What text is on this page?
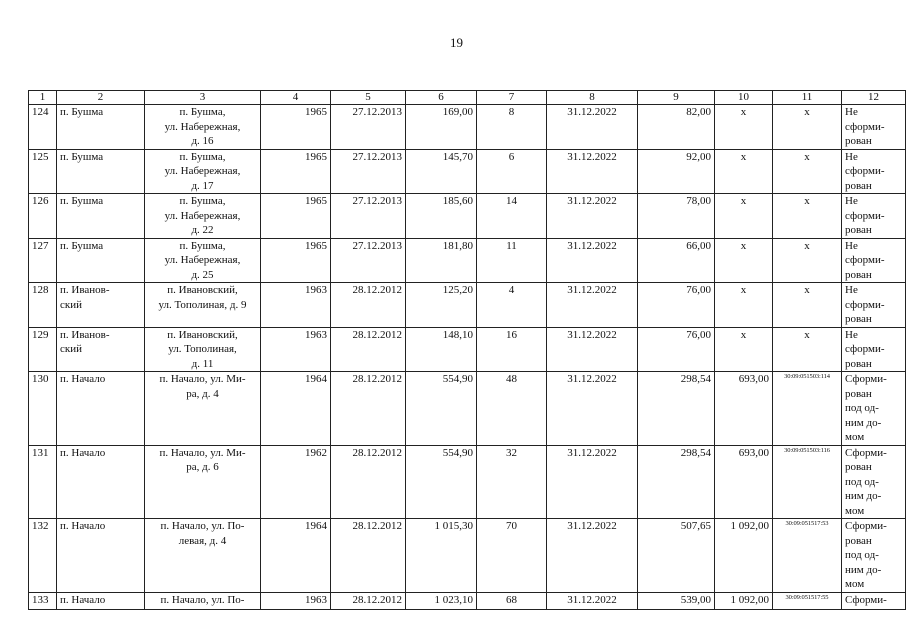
19
1	2	3	4	5	6	7	8	9	10	11	12
124	п. Бушма	п. Бушма,
ул. Набережная,
д. 16	1965	27.12.2013	169,00	8	31.12.2022	82,00	х	х	Не
сформи-
рован

125	п. Бушма	п. Бушма,
ул. Набережная,
д. 17	1965	27.12.2013	145,70	6	31.12.2022	92,00	х	х	Не
сформи-
рован

126	п. Бушма	п. Бушма,
ул. Набережная,
д. 22	1965	27.12.2013	185,60	14	31.12.2022	78,00	х	х	Не
сформи-
рован

127	п. Бушма	п. Бушма,
ул. Набережная,
д. 25	1965	27.12.2013	181,80	11	31.12.2022	66,00	х	х	Не
сформи-
рован

128	п. Иванов-
ский	п. Ивановский,
ул. Тополиная, д. 9	1963	28.12.2012	125,20	4	31.12.2022	76,00	х	х	Не
сформи-
рован

129	п. Иванов-
ский	п. Ивановский,
ул. Тополиная,
д. 11	1963	28.12.2012	148,10	16	31.12.2022	76,00	х	х	Не
сформи-
рован

130	п. Начало	п. Начало, ул. Ми-
ра, д. 4	1964	28.12.2012	554,90	48	31.12.2022	298,54	693,00	30:09:051503:114	Сформи-
рован
под од-
ним до-
мом

131	п. Начало	п. Начало, ул. Ми-
ра, д. 6	1962	28.12.2012	554,90	32	31.12.2022	298,54	693,00	30:09:051503:116	Сформи-
рован
под од-
ним до-
мом

132	п. Начало	п. Начало, ул. По-
левая, д. 4	1964	28.12.2012	1 015,30	70	31.12.2022	507,65	1 092,00	30:09:051517:53	Сформи-
рован
под од-
ним до-
мом

133	п. Начало	п. Начало, ул. По-	1963	28.12.2012	1 023,10	68	31.12.2022	539,00	1 092,00	30:09:051517:55	Сформи-
